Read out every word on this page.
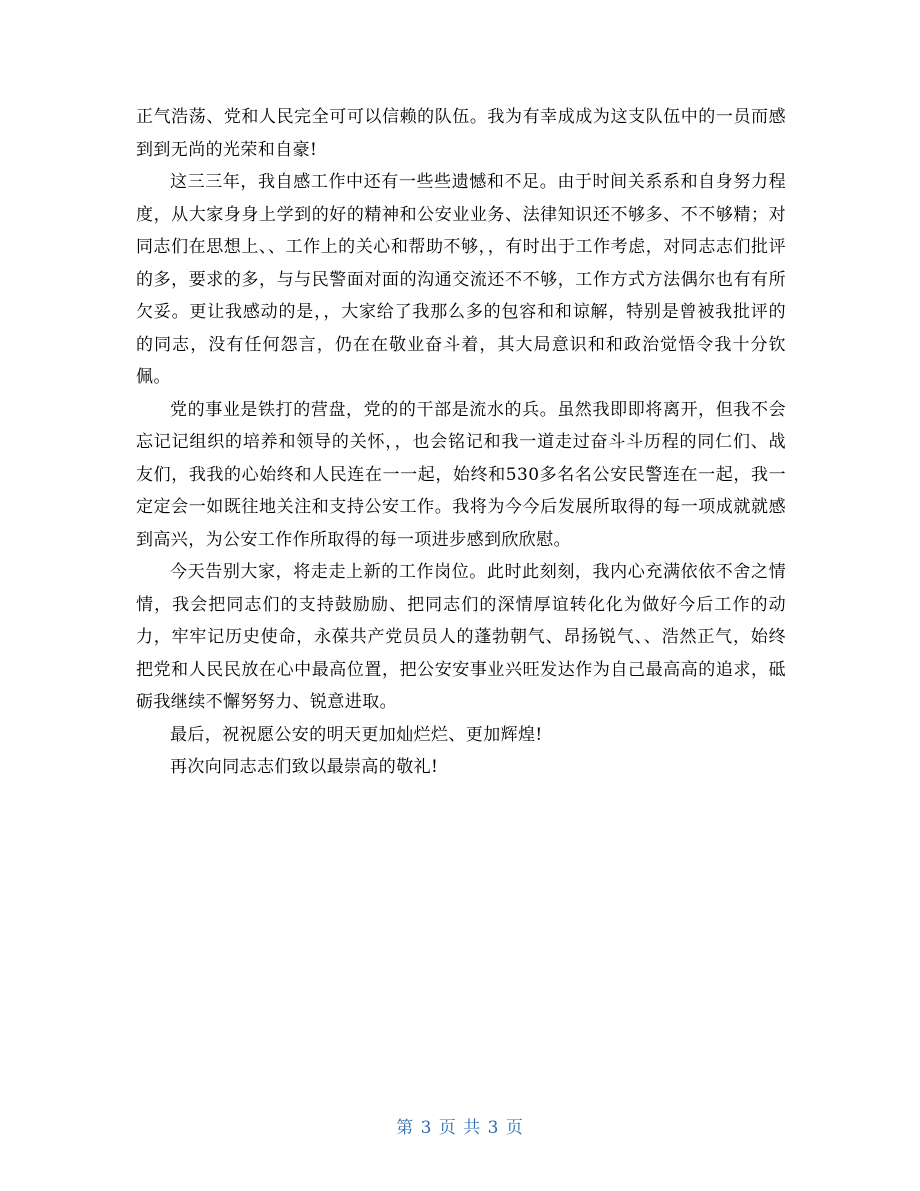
正气浩荡、党和人民完全可可以信赖的队伍。我为有幸成成为这支队伍中的一员而感到到无尚的光荣和自豪!

这三三年，我自感工作中还有一些些遗憾和不足。由于时间关系系和自身努力程度，从大家身身上学到的好的精神和公安业业务、法律知识还不够多、不不够精；对同志们在思想上、、工作上的关心和帮助不够，，有时出于工作考虑，对同志志们批评的多，要求的多，与与民警面对面的沟通交流还不不够，工作方式方法偶尔也有有所欠妥。更让我感动的是，，大家给了我那么多的包容和和谅解，特别是曾被我批评的的同志，没有任何怨言，仍在在敬业奋斗着，其大局意识和和政治觉悟令我十分钦佩。

党的事业是铁打的营盘，党的的干部是流水的兵。虽然我即即将离开，但我不会忘记记组织的培养和领导的关怀，，也会铭记和我一道走过奋斗斗历程的同仁们、战友们，我我的心始终和人民连在一一起，始终和530多名名公安民警连在一起，我一定定会一如既往地关注和支持公安工作。我将为今今后发展所取得的每一项成就就感到高兴，为公安工作作所取得的每一项进步感到欣欣慰。

今天告别大家，将走走上新的工作岗位。此时此刻刻，我内心充满依依不舍之情情，我会把同志们的支持鼓励励、把同志们的深情厚谊转化化为做好今后工作的动力，牢牢记历史使命，永葆共产党员员人的蓬勃朝气、昂扬锐气、、浩然正气，始终把党和人民民放在心中最高位置，把公安安事业兴旺发达作为自己最高高的追求，砥砺我继续不懈努努力、锐意进取。

最后，祝祝愿公安的明天更加灿烂烂、更加辉煌!

再次向同志志们致以最崇高的敬礼!

第 3 页 共 3 页
